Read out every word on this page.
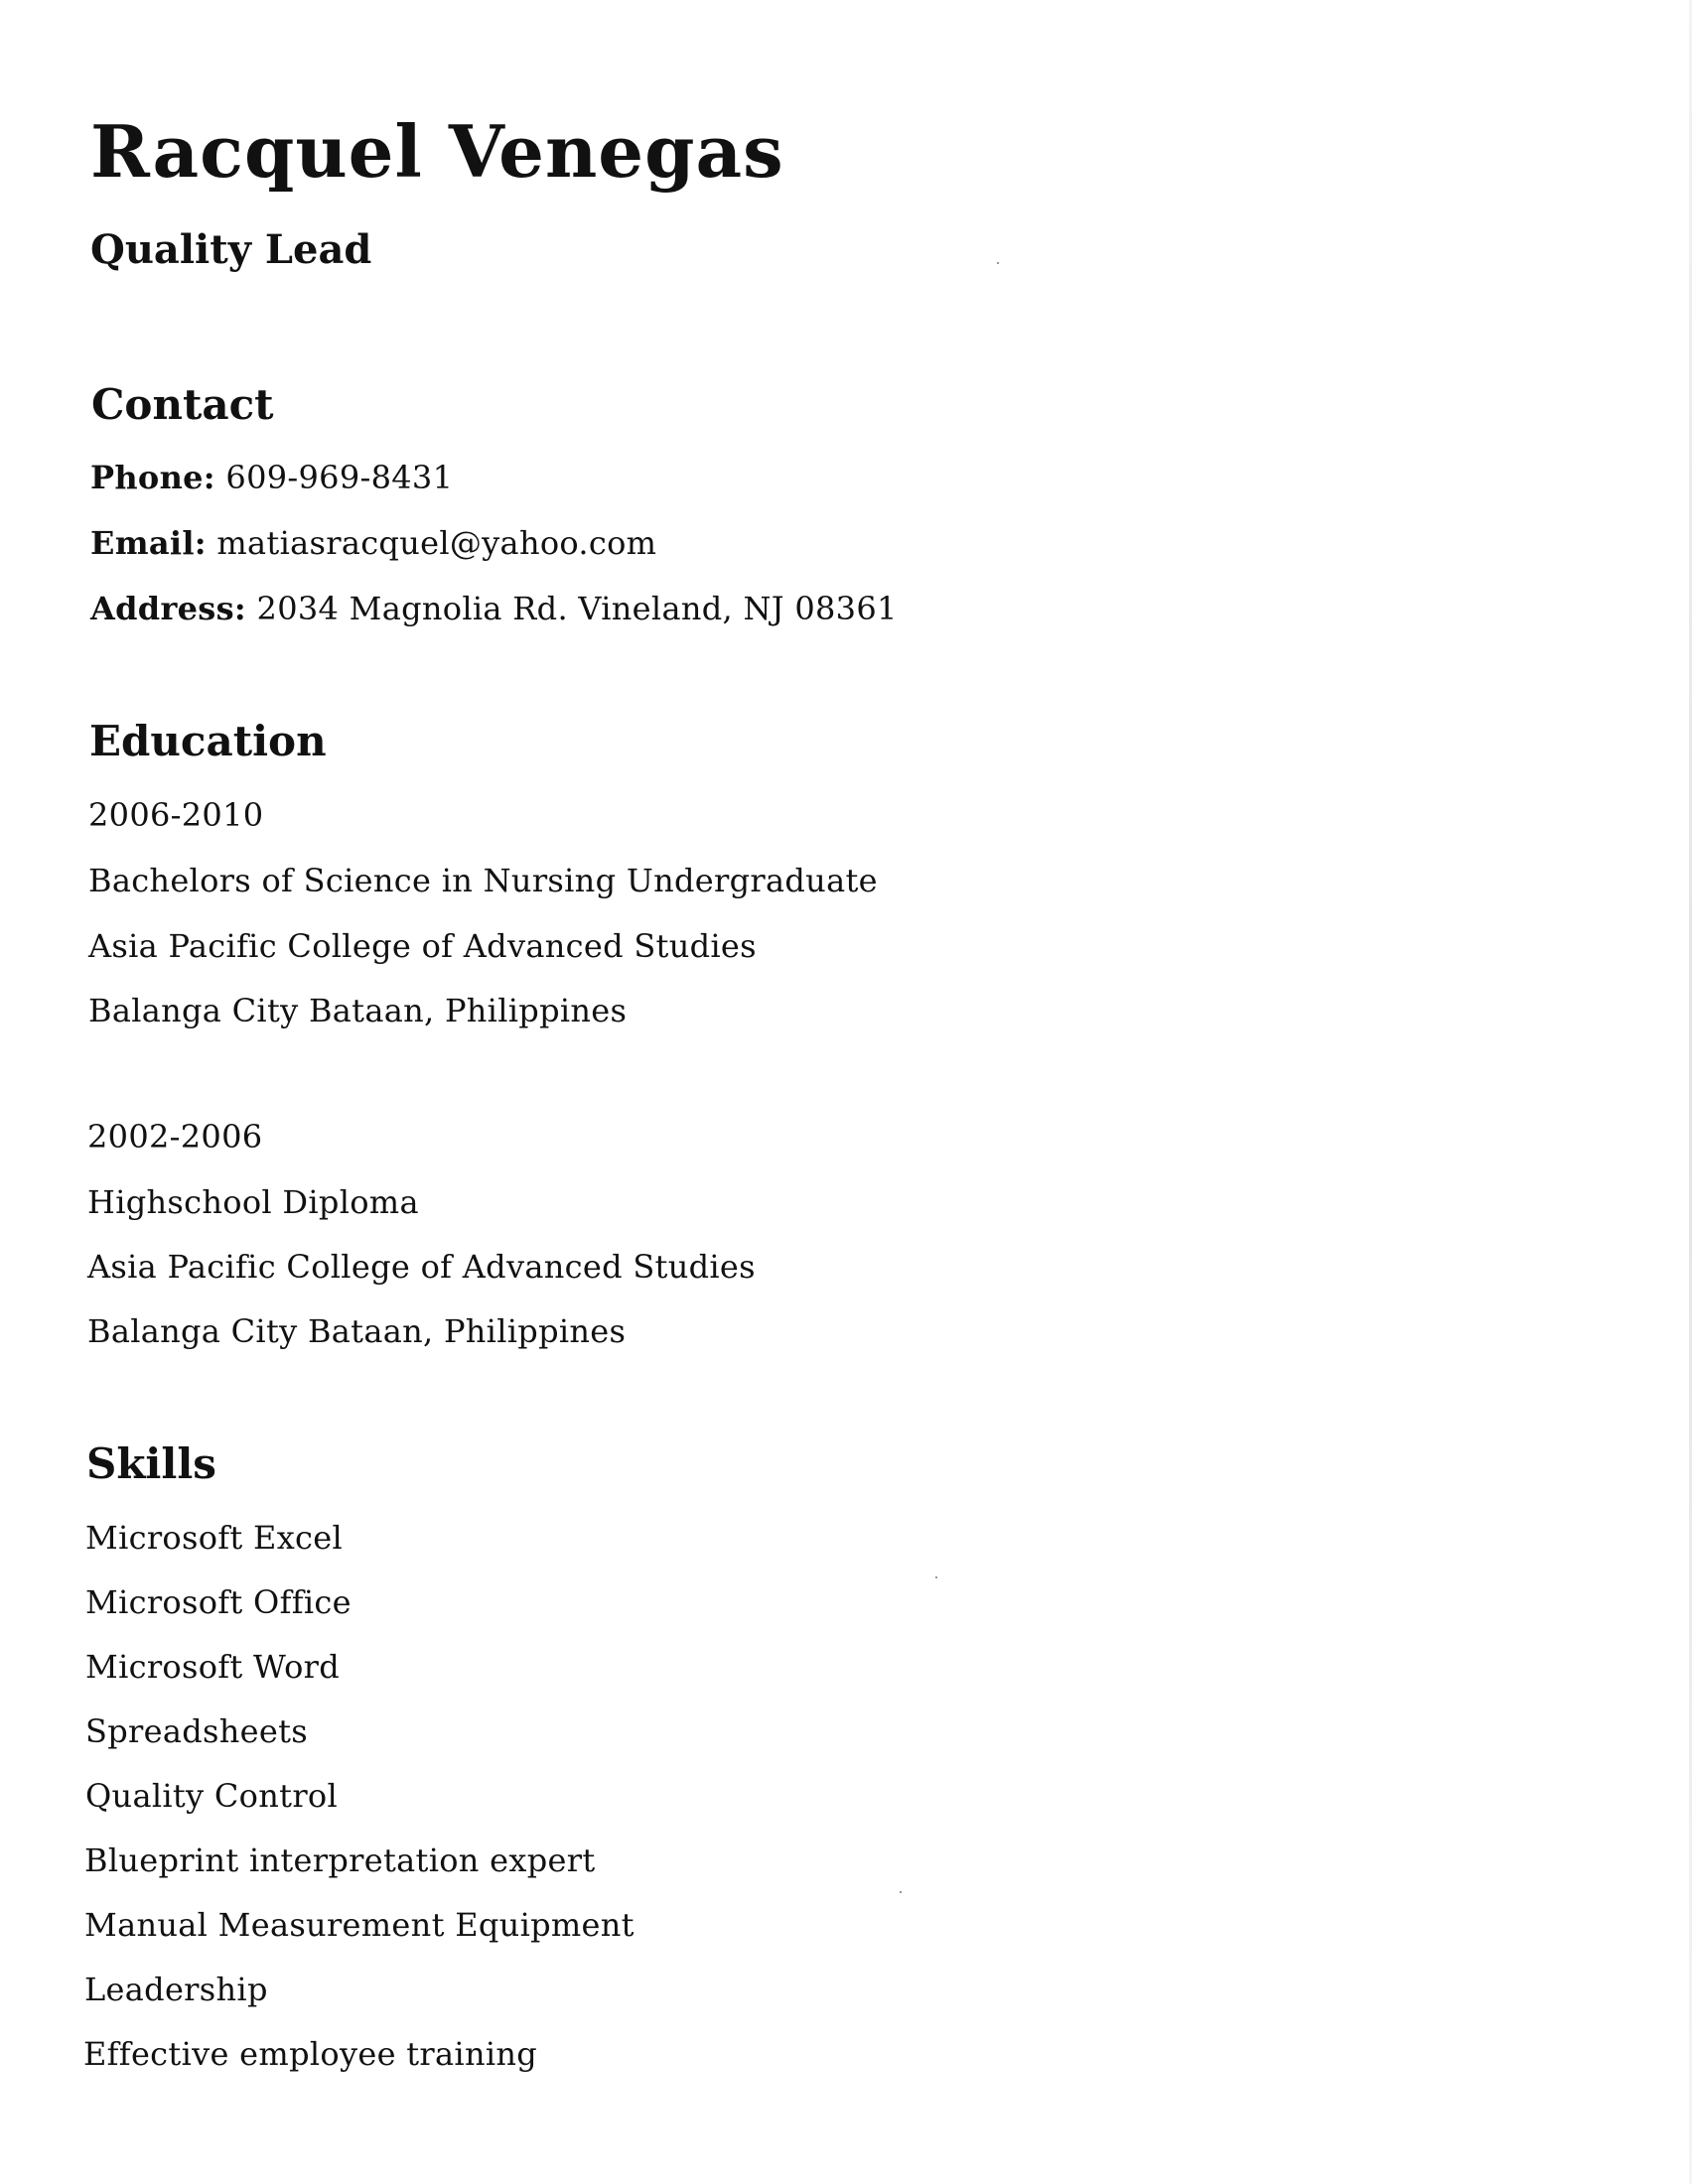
Racquel Venegas
Quality Lead
Contact
Phone: 609-969-8431
Email: matiasracquel@yahoo.com
Address: 2034 Magnolia Rd. Vineland, NJ 08361
Education
2006-2010
Bachelors of Science in Nursing Undergraduate
Asia Pacific College of Advanced Studies
Balanga City Bataan, Philippines
2002-2006
Highschool Diploma
Asia Pacific College of Advanced Studies
Balanga City Bataan, Philippines
Skills
Microsoft Excel
Microsoft Office
Microsoft Word
Spreadsheets
Quality Control
Blueprint interpretation expert
Manual Measurement Equipment
Leadership
Effective employee training
